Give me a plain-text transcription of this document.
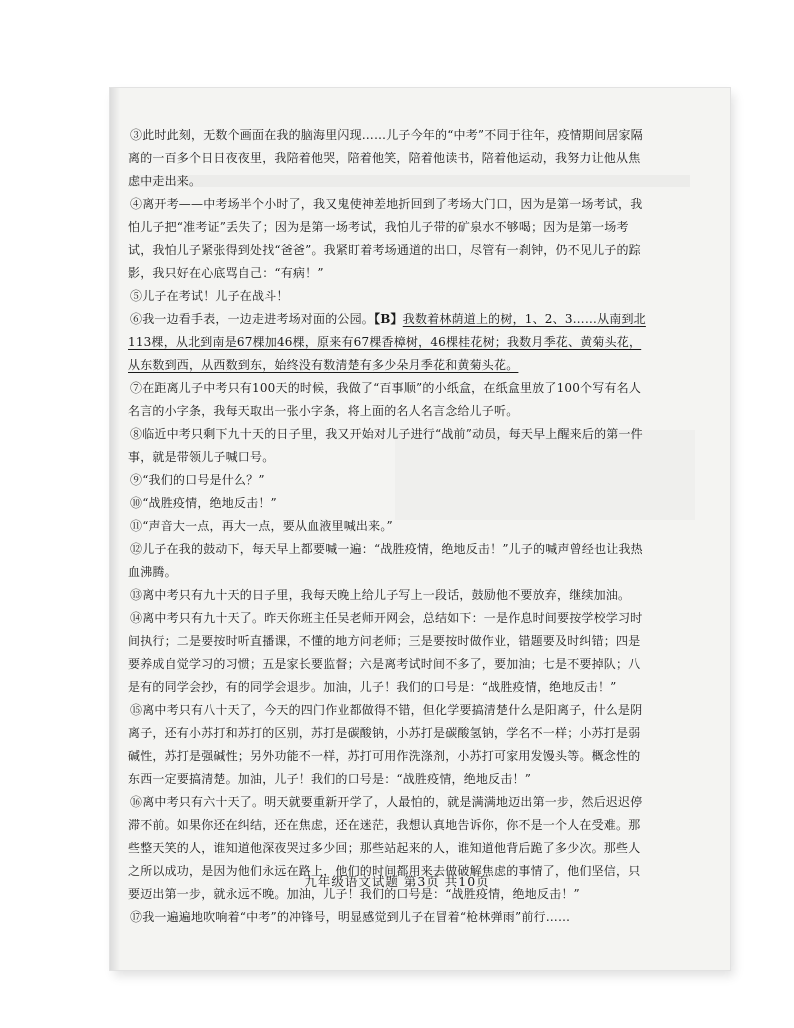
③此时此刻，无数个画面在我的脑海里闪现……儿子今年的“中考”不同于往年，疫情期间居家隔离的一百多个日日夜夜里，我陪着他哭，陪着他笑，陪着他读书，陪着他运动，我努力让他从焦虑中走出来。

④离开考——中考场半个小时了，我又鬼使神差地折回到了考场大门口，因为是第一场考试，我怕儿子把“准考证”丢失了；因为是第一场考试，我怕儿子带的矿泉水不够喝；因为是第一场考试，我怕儿子紧张得到处找“爸爸”。我紧盯着考场通道的出口，尽管有一刹钟，仍不见儿子的踪影，我只好在心底骂自己：“有病！”

⑤儿子在考试！儿子在战斗！

⑥我一边看手表，一边走进考场对面的公园。【B】我数着林荫道上的树，1、2、3……从南到北113棵，从北到南是67棵加46棵，原来有67棵香樟树，46棵桂花树；我数月季花、黄菊头花，从东数到西，从西数到东，始终没有数清楚有多少朵月季花和黄菊头花。

⑦在距离儿子中考只有100天的时候，我做了“百事顺”的小纸盒，在纸盒里放了100个写有名人名言的小字条，我每天取出一张小字条，将上面的名人名言念给儿子听。

⑧临近中考只剩下九十天的日子里，我又开始对儿子进行“战前”动员，每天早上醒来后的第一件事，就是带领儿子喊口号。

⑨“我们的口号是什么？”

⑩“战胜疫情，绝地反击！”

⑪“声音大一点，再大一点，要从血液里喊出来。”

⑫儿子在我的鼓动下，每天早上都要喊一遍：“战胜疫情，绝地反击！”儿子的喊声曾经也让我热血沸腾。

⑬离中考只有九十天的日子里，我每天晚上给儿子写上一段话，鼓励他不要放弃，继续加油。

⑭离中考只有九十天了。昨天你班主任吴老师开网会，总结如下：一是作息时间要按学校学习时间执行；二是要按时听直播课，不懂的地方问老师；三是要按时做作业，错题要及时纠错；四是要养成自觉学习的习惯；五是家长要监督；六是离考试时间不多了，要加油；七是不要掉队；八是有的同学会抄，有的同学会退步。加油，儿子！我们的口号是：“战胜疫情，绝地反击！”

⑮离中考只有八十天了，今天的四门作业都做得不错，但化学要搞清楚什么是阳离子，什么是阴离子，还有小苏打和苏打的区别，苏打是碳酸钠，小苏打是碳酸氢钠，学名不一样；小苏打是弱碱性，苏打是强碱性；另外功能不一样，苏打可用作洗涤剂，小苏打可家用发馒头等。概念性的东西一定要搞清楚。加油，儿子！我们的口号是：“战胜疫情，绝地反击！”

⑯离中考只有六十天了。明天就要重新开学了，人最怕的，就是满满地迈出第一步，然后迟迟停滞不前。如果你还在纠结，还在焦虑，还在迷茫，我想认真地告诉你，你不是一个人在受难。那些整天笑的人，谁知道他深夜哭过多少回；那些站起来的人，谁知道他背后跪了多少次。那些人之所以成功，是因为他们永远在路上，他们的时间都用来去做破解焦虑的事情了，他们坚信，只要迈出第一步，就永远不晚。加油，儿子！我们的口号是：“战胜疫情，绝地反击！”

⑰我一遍遍地吹响着“中考”的冲锋号，明显感觉到儿子在冒着“枪林弹雨”前行……

九年级语文试题 第3页 共10页
